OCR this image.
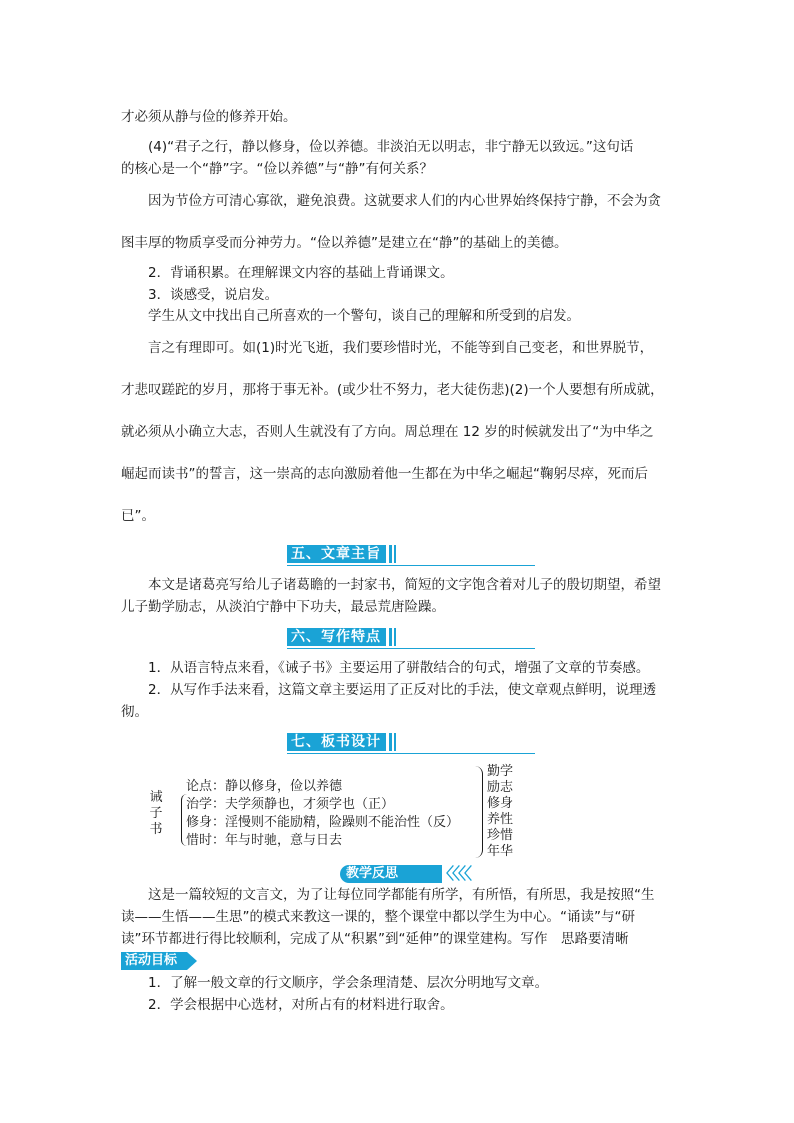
才必须从静与俭的修养开始。
(4)“君子之行，静以修身，俭以养德。非淡泊无以明志，非宁静无以致远。”这句话
的核心是一个“静”字。“俭以养德”与“静”有何关系？
因为节俭方可清心寡欲，避免浪费。这就要求人们的内心世界始终保持宁静，不会为贪
图丰厚的物质享受而分神劳力。“俭以养德”是建立在“静”的基础上的美德。
2．背诵积累。在理解课文内容的基础上背诵课文。
3．谈感受，说启发。
学生从文中找出自己所喜欢的一个警句，谈自己的理解和所受到的启发。
言之有理即可。如(1)时光飞逝，我们要珍惜时光，不能等到自己变老，和世界脱节，
才悲叹蹉跎的岁月，那将于事无补。(或少壮不努力，老大徒伤悲)(2)一个人要想有所成就，
就必须从小确立大志，否则人生就没有了方向。周总理在 12 岁的时候就发出了“为中华之
崛起而读书”的誓言，这一崇高的志向激励着他一生都在为中华之崛起“鞠躬尽瘁，死而后
已”。
五、文章主旨
本文是诸葛亮写给儿子诸葛瞻的一封家书，简短的文字饱含着对儿子的殷切期望，希望
儿子勤学励志，从淡泊宁静中下功夫，最忌荒唐险躁。
六、写作特点
1．从语言特点来看，《诫子书》主要运用了骈散结合的句式，增强了文章的节奏感。
2．从写作手法来看，这篇文章主要运用了正反对比的手法，使文章观点鲜明，说理透
彻。
七、板书设计
诫子书
论点：静以修身，俭以养德
治学：夫学须静也，才须学也（正）
修身：淫慢则不能励精，险躁则不能治性（反）
惜时：年与时驰，意与日去
勤学
励志
修身
养性
珍惜
年华
教学反思	〈〈〈〈
这是一篇较短的文言文，为了让每位同学都能有所学，有所悟，有所思，我是按照“生
读——生悟——生思”的模式来教这一课的，整个课堂中都以学生为中心。“诵读”与“研
读”环节都进行得比较顺利，完成了从“积累”到“延伸”的课堂建构。写作　思路要清晰
活动目标
1．了解一般文章的行文顺序，学会条理清楚、层次分明地写文章。
2．学会根据中心选材，对所占有的材料进行取舍。
